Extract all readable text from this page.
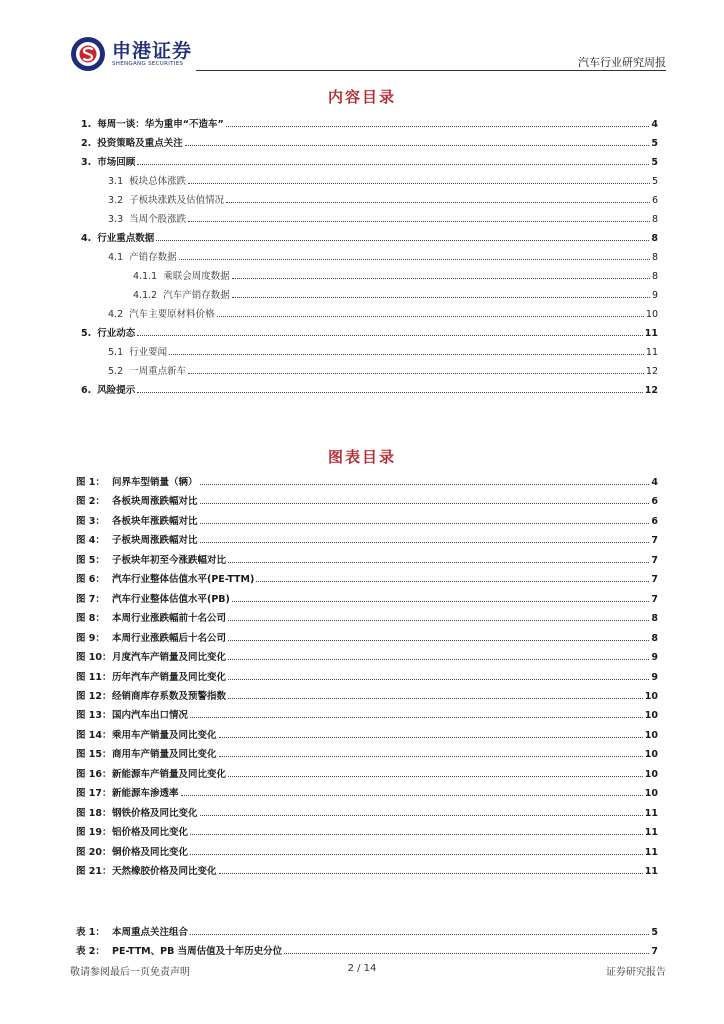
申港证券
SHENGANG SECURITIES	汽车行业研究周报
内容目录
1. 每周一谈：华为重申“不造车”	4
2. 投资策略及重点关注	5
3. 市场回顾	5
3.1 板块总体涨跌	5
3.2 子板块涨跌及估值情况	6
3.3 当周个股涨跌	8
4. 行业重点数据	8
4.1 产销存数据	8
4.1.1 乘联会周度数据	8
4.1.2 汽车产销存数据	9
4.2 汽车主要原材料价格	10
5. 行业动态	11
5.1 行业要闻	11
5.2 一周重点新车	12
6. 风险提示	12
图表目录
图 1： 问界车型销量（辆）	4
图 2： 各板块周涨跌幅对比	6
图 3： 各板块年涨跌幅对比	6
图 4： 子板块周涨跌幅对比	7
图 5： 子板块年初至今涨跌幅对比	7
图 6： 汽车行业整体估值水平(PE-TTM)	7
图 7： 汽车行业整体估值水平(PB)	7
图 8： 本周行业涨跌幅前十名公司	8
图 9： 本周行业涨跌幅后十名公司	8
图 10： 月度汽车产销量及同比变化	9
图 11： 历年汽车产销量及同比变化	9
图 12： 经销商库存系数及预警指数	10
图 13： 国内汽车出口情况	10
图 14： 乘用车产销量及同比变化	10
图 15： 商用车产销量及同比变化	10
图 16： 新能源车产销量及同比变化	10
图 17： 新能源车渗透率	10
图 18： 钢铁价格及同比变化	11
图 19： 铝价格及同比变化	11
图 20： 铜价格及同比变化	11
图 21： 天然橡胶价格及同比变化	11
表 1： 本周重点关注组合	5
表 2： PE-TTM、PB 当周估值及十年历史分位	7
敬请参阅最后一页免责声明	2 / 14	证券研究报告
